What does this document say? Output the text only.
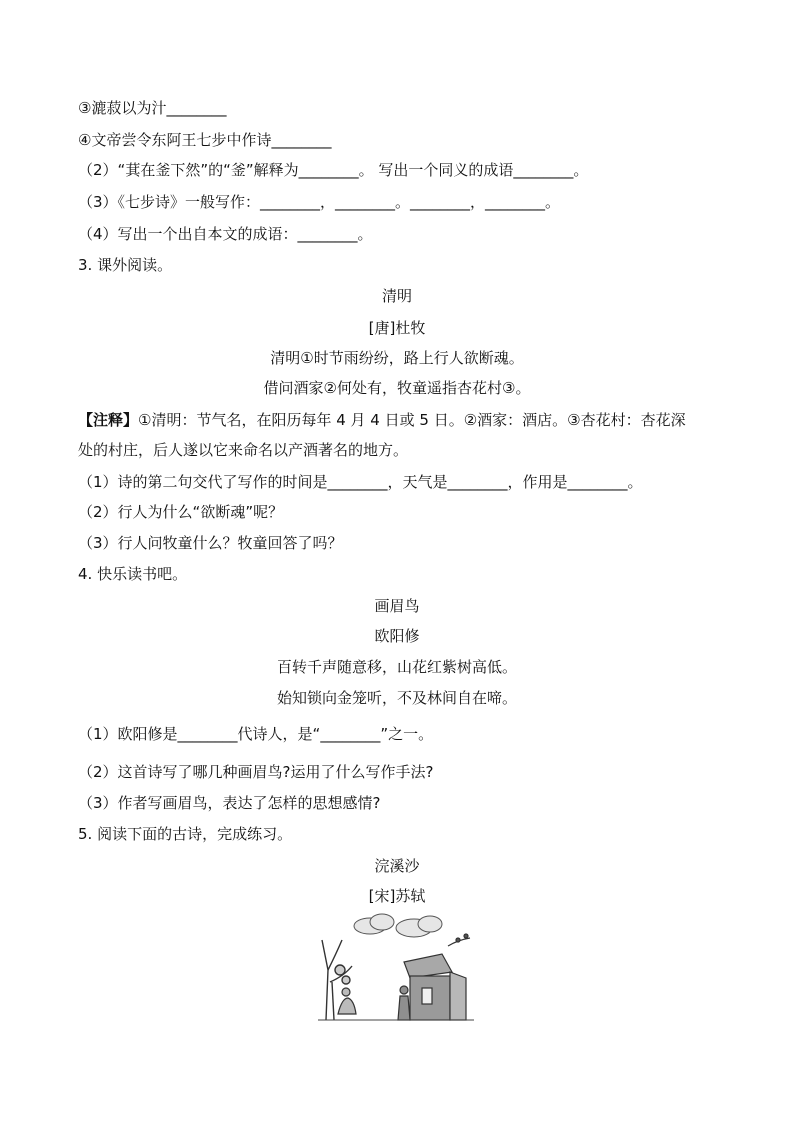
③漉菽以为汁________
④文帝尝令东阿王七步中作诗________
（2）“萁在釜下然”的“釜”解释为________。 写出一个同义的成语________。
（3）《七步诗》一般写作：________，________。________，________。
（4）写出一个出自本文的成语：________。
3. 课外阅读。
清明
[唐]杜牧
清明①时节雨纷纷，路上行人欲断魂。
借问酒家②何处有，牧童遥指杏花村③。
【注释】①清明：节气名，在阳历每年 4 月 4 日或 5 日。②酒家：酒店。③杏花村：杏花深
处的村庄，后人遂以它来命名以产酒著名的地方。
（1）诗的第二句交代了写作的时间是________，天气是________，作用是________。
（2）行人为什么“欲断魂”呢？
（3）行人问牧童什么？牧童回答了吗？
4. 快乐读书吧。
画眉鸟
欧阳修
百转千声随意移，山花红紫树高低。
始知锁向金笼听，不及林间自在啼。
（1）欧阳修是________代诗人，是“________”之一。
（2）这首诗写了哪几种画眉鸟?运用了什么写作手法?
（3）作者写画眉鸟，表达了怎样的思想感情?
5. 阅读下面的古诗，完成练习。
浣溪沙
[宋]苏轼
